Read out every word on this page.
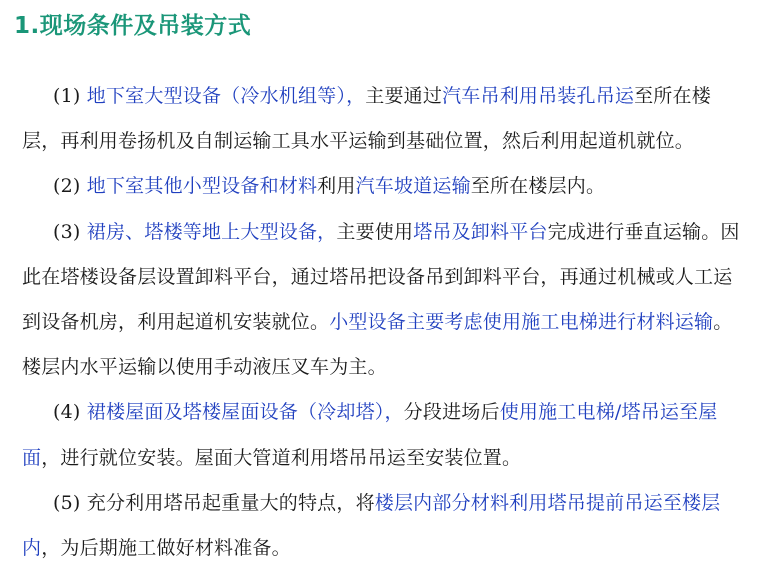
1.现场条件及吊装方式

(1) 地下室大型设备（冷水机组等），主要通过汽车吊利用吊装孔吊运至所在楼层，再利用卷扬机及自制运输工具水平运输到基础位置，然后利用起道机就位。

(2) 地下室其他小型设备和材料利用汽车坡道运输至所在楼层内。

(3) 裙房、塔楼等地上大型设备，主要使用塔吊及卸料平台完成进行垂直运输。因此在塔楼设备层设置卸料平台，通过塔吊把设备吊到卸料平台，再通过机械或人工运到设备机房，利用起道机安装就位。小型设备主要考虑使用施工电梯进行材料运输。楼层内水平运输以使用手动液压叉车为主。

(4) 裙楼屋面及塔楼屋面设备（冷却塔），分段进场后使用施工电梯/塔吊运至屋面，进行就位安装。屋面大管道利用塔吊吊运至安装位置。

(5) 充分利用塔吊起重量大的特点，将楼层内部分材料利用塔吊提前吊运至楼层内，为后期施工做好材料准备。
